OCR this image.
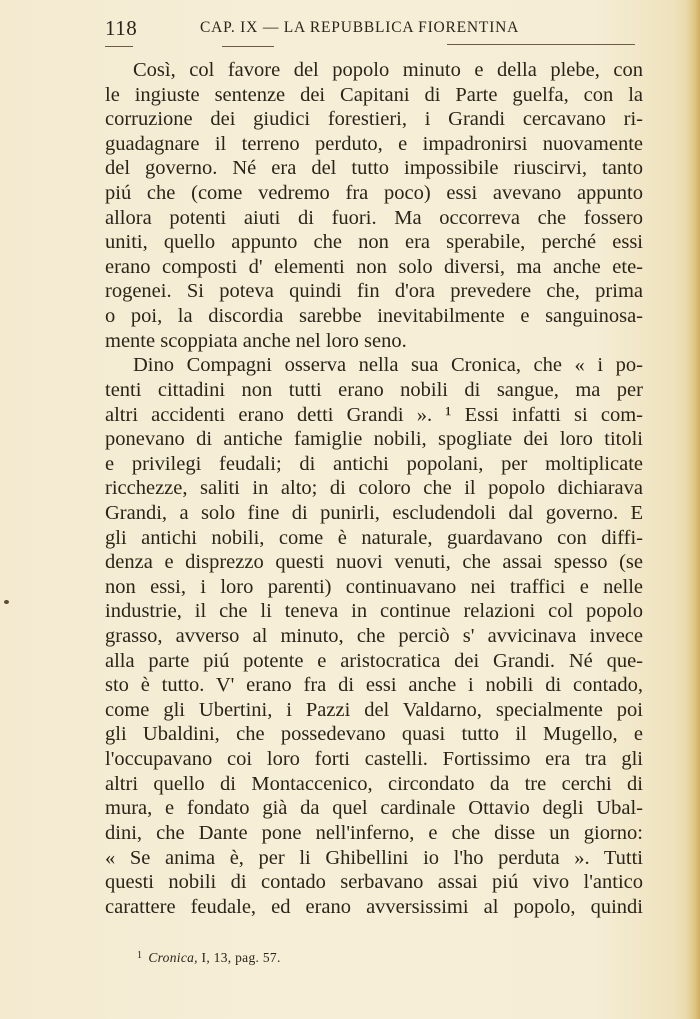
118	CAP. IX — LA REPUBBLICA FIORENTINA
Così, col favore del popolo minuto e della plebe, con
le ingiuste sentenze dei Capitani di Parte guelfa, con la
corruzione dei giudici forestieri, i Grandi cercavano ri-
guadagnare il terreno perduto, e impadronirsi nuovamente
del governo. Né era del tutto impossibile riuscirvi, tanto
piú che (come vedremo fra poco) essi avevano appunto
allora potenti aiuti di fuori. Ma occorreva che fossero
uniti, quello appunto che non era sperabile, perché essi
erano composti d' elementi non solo diversi, ma anche ete-
rogenei. Si poteva quindi fin d'ora prevedere che, prima
o poi, la discordia sarebbe inevitabilmente e sanguinosa-
mente scoppiata anche nel loro seno.
Dino Compagni osserva nella sua Cronica, che « i po-
tenti cittadini non tutti erano nobili di sangue, ma per
altri accidenti erano detti Grandi ». ¹ Essi infatti si com-
ponevano di antiche famiglie nobili, spogliate dei loro titoli
e privilegi feudali; di antichi popolani, per moltiplicate
ricchezze, saliti in alto; di coloro che il popolo dichiarava
Grandi, a solo fine di punirli, escludendoli dal governo. E
gli antichi nobili, come è naturale, guardavano con diffi-
denza e disprezzo questi nuovi venuti, che assai spesso (se
non essi, i loro parenti) continuavano nei traffici e nelle
industrie, il che li teneva in continue relazioni col popolo
grasso, avverso al minuto, che perciò s' avvicinava invece
alla parte piú potente e aristocratica dei Grandi. Né que-
sto è tutto. V' erano fra di essi anche i nobili di contado,
come gli Ubertini, i Pazzi del Valdarno, specialmente poi
gli Ubaldini, che possedevano quasi tutto il Mugello, e
l'occupavano coi loro forti castelli. Fortissimo era tra gli
altri quello di Montaccenico, circondato da tre cerchi di
mura, e fondato già da quel cardinale Ottavio degli Ubal-
dini, che Dante pone nell'inferno, e che disse un giorno:
« Se anima è, per li Ghibellini io l'ho perduta ». Tutti
questi nobili di contado serbavano assai piú vivo l'antico
carattere feudale, ed erano avversissimi al popolo, quindi
$^1$ Cronica, I, 13, pag. 57.
